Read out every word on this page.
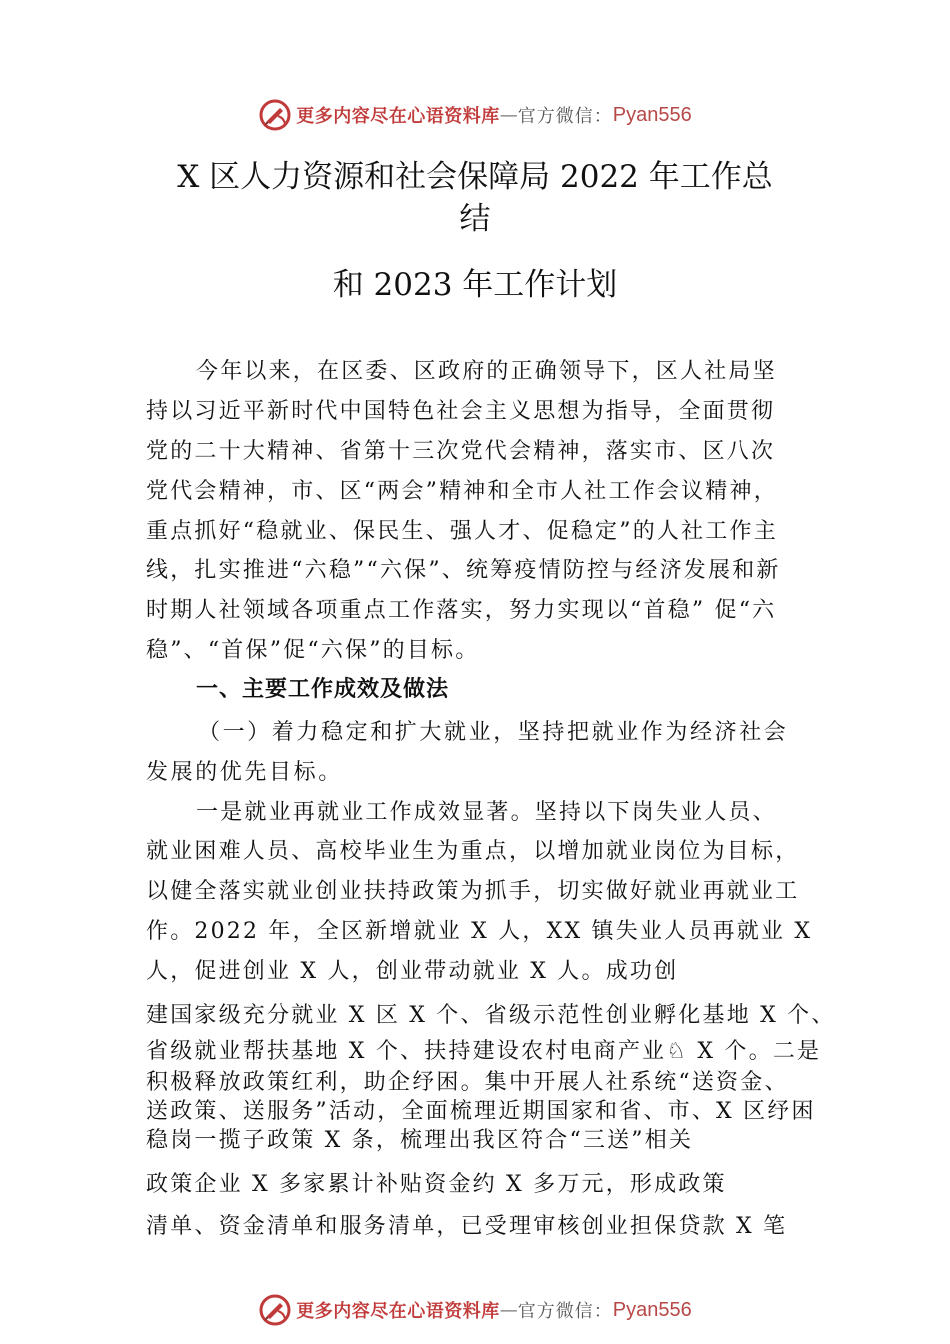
更多内容尽在心语资料库 — 官方微信： Pyan556
X 区人力资源和社会保障局 2022 年工作总
结
和 2023 年工作计划
今年以来，在区委、区政府的正确领导下，区人社局坚
持以习近平新时代中国特色社会主义思想为指导，全面贯彻
党的二十大精神、省第十三次党代会精神，落实市、区八次
党代会精神，市、区“两会”精神和全市人社工作会议精神，
重点抓好“稳就业、保民生、强人才、促稳定”的人社工作主
线，扎实推进“六稳”“六保”、统筹疫情防控与经济发展和新
时期人社领域各项重点工作落实，努力实现以“首稳” 促“六
稳”、“首保”促“六保”的目标。
一、主要工作成效及做法
（一）着力稳定和扩大就业，坚持把就业作为经济社会
发展的优先目标。
一是就业再就业工作成效显著。坚持以下岗失业人员、
就业困难人员、高校毕业生为重点，以增加就业岗位为目标，
以健全落实就业创业扶持政策为抓手，切实做好就业再就业工
作。2022 年，全区新增就业 X 人，XX 镇失业人员再就业 X
人，促进创业 X 人，创业带动就业 X 人。成功创
建国家级充分就业 X 区 X 个、省级示范性创业孵化基地 X 个、
省级就业帮扶基地 X 个、扶持建设农村电商产业♘ X 个。二是
积极释放政策红利，助企纾困。集中开展人社系统“送资金、
送政策、送服务”活动，全面梳理近期国家和省、市、X 区纾困
稳岗一揽子政策 X 条，梳理出我区符合“三送”相关
政策企业 X 多家累计补贴资金约 X 多万元，形成政策
清单、资金清单和服务清单，已受理审核创业担保贷款 X 笔
更多内容尽在心语资料库 — 官方微信： Pyan556
